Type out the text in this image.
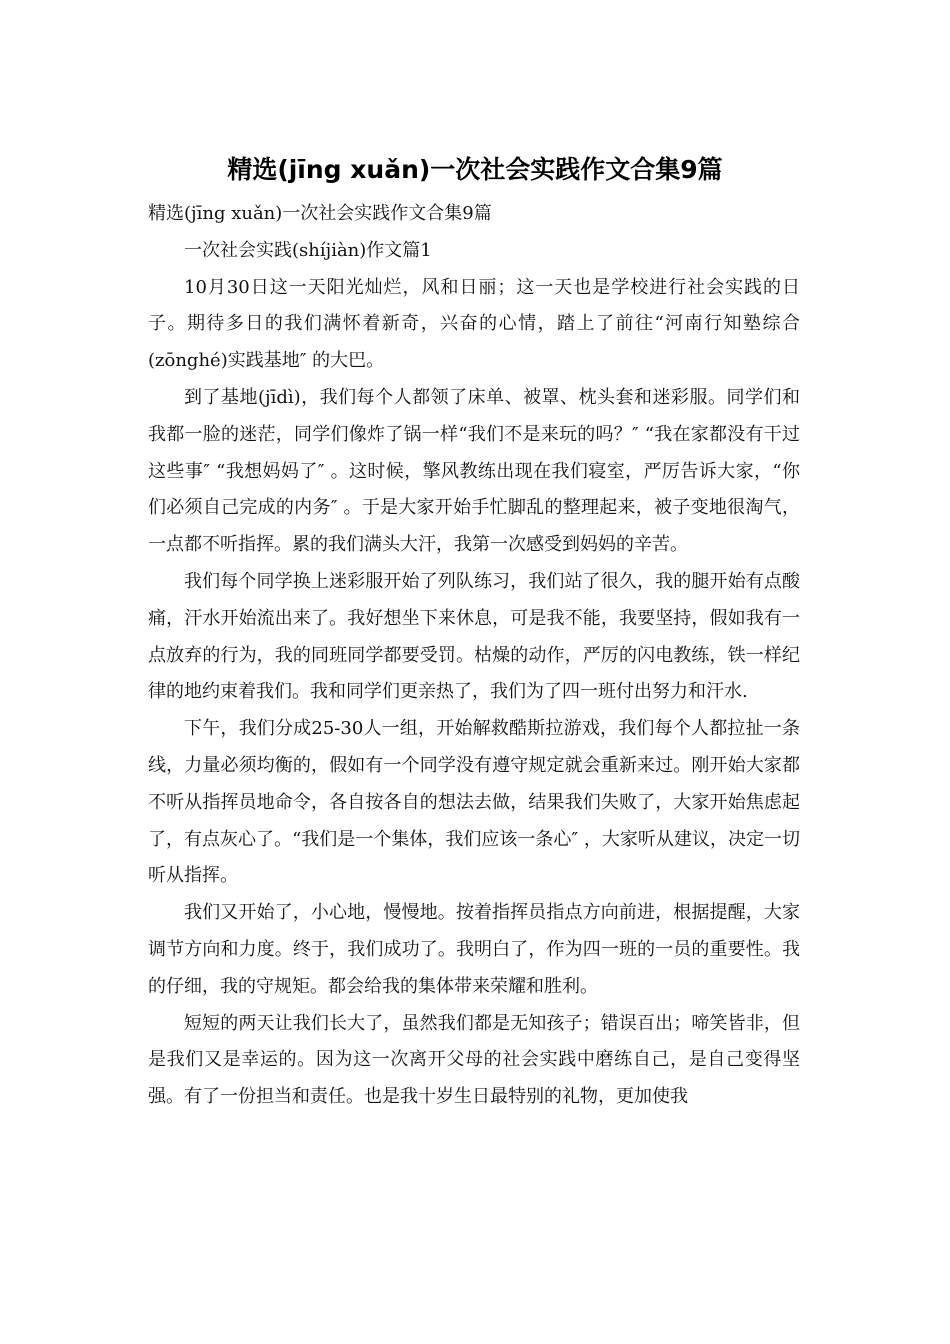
精选(jīng xuǎn)一次社会实践作文合集9篇

精选(jīng xuǎn)一次社会实践作文合集9篇

一次社会实践(shíjiàn)作文篇1

10月30日这一天阳光灿烂，风和日丽；这一天也是学校进行社会实践的日子。期待多日的我们满怀着新奇，兴奋的心情，踏上了前往“河南行知塾综合(zōnghé)实践基地″ 的大巴。

到了基地(jīdì)，我们每个人都领了床单、被罩、枕头套和迷彩服。同学们和我都一脸的迷茫，同学们像炸了锅一样“我们不是来玩的吗？″ “我在家都没有干过这些事″ “我想妈妈了″ 。这时候，擎风教练出现在我们寝室，严厉告诉大家，“你们必须自己完成的内务″ 。于是大家开始手忙脚乱的整理起来，被子变地很淘气，一点都不听指挥。累的我们满头大汗，我第一次感受到妈妈的辛苦。

我们每个同学换上迷彩服开始了列队练习，我们站了很久，我的腿开始有点酸痛，汗水开始流出来了。我好想坐下来休息，可是我不能，我要坚持，假如我有一点放弃的行为，我的同班同学都要受罚。枯燥的动作，严厉的闪电教练，铁一样纪律的地约束着我们。我和同学们更亲热了，我们为了四一班付出努力和汗水.

下午，我们分成25-30人一组，开始解救酷斯拉游戏，我们每个人都拉扯一条线，力量必须均衡的，假如有一个同学没有遵守规定就会重新来过。刚开始大家都不听从指挥员地命令，各自按各自的想法去做，结果我们失败了，大家开始焦虑起了，有点灰心了。“我们是一个集体，我们应该一条心″ ，大家听从建议，决定一切听从指挥。

我们又开始了，小心地，慢慢地。按着指挥员指点方向前进，根据提醒，大家调节方向和力度。终于，我们成功了。我明白了，作为四一班的一员的重要性。我的仔细，我的守规矩。都会给我的集体带来荣耀和胜利。

短短的两天让我们长大了，虽然我们都是无知孩子；错误百出；啼笑皆非，但是我们又是幸运的。因为这一次离开父母的社会实践中磨练自己，是自己变得坚强。有了一份担当和责任。也是我十岁生日最特别的礼物，更加使我
